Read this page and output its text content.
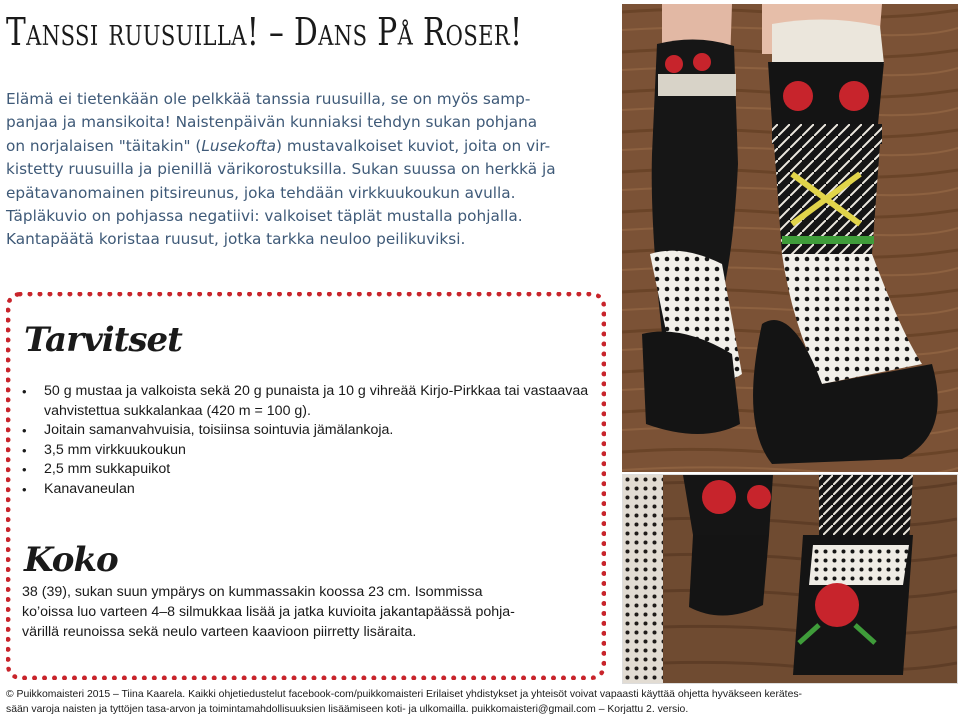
Tanssi ruusuilla! – Dans På Roser!
Elämä ei tietenkään ole pelkkää tanssia ruusuilla, se on myös samp-
panjaa ja mansikoita! Naistenpäivän kunniaksi tehdyn sukan pohjana
on norjalaisen "täitakin" (Lusekofta) mustavalkoiset kuviot, joita on vir-
kistetty ruusuilla ja pienillä värikorostuksilla. Sukan suussa on herkkä ja
epätavanomainen pitsireunus, joka tehdään virkkuukoukun avulla.
Täpläkuvio on pohjassa negatiivi: valkoiset täplät mustalla pohjalla.
Kantapäätä koristaa ruusut, jotka tarkka neuloo peilikuviksi.
Tarvitset
• 50 g mustaa ja valkoista sekä 20 g punaista ja 10 g vihreää Kirjo-Pirkkaa tai vastaavaa vahvistettua sukkalankaa (420 m = 100 g).
• Joitain samanvahvuisia, toisiinsa sointuvia jämälankoja.
• 3,5 mm virkkuukoukun
• 2,5 mm sukkapuikot
• Kanavaneulan
Koko
38 (39), sukan suun ympärys on kummassakin koossa 23 cm. Isommissa
ko’oissa luo varteen 4–8 silmukkaa lisää ja jatka kuvioita jakantapäässä pohja-
värillä reunoissa sekä neulo varteen kaavioon piirretty lisäraita.
© Puikkomaisteri 2015 – Tiina Kaarela. Kaikki ohjetiedustelut facebook-com/puikkomaisteri Erilaiset yhdistykset ja yhteisöt voivat vapaasti käyttää ohjetta hyväkseen kerätes-
sään varoja naisten ja tyttöjen tasa-arvon ja toimintamahdollisuuksien lisäämiseen koti- ja ulkomailla. puikkomaisteri@gmail.com – Korjattu 2. versio.
